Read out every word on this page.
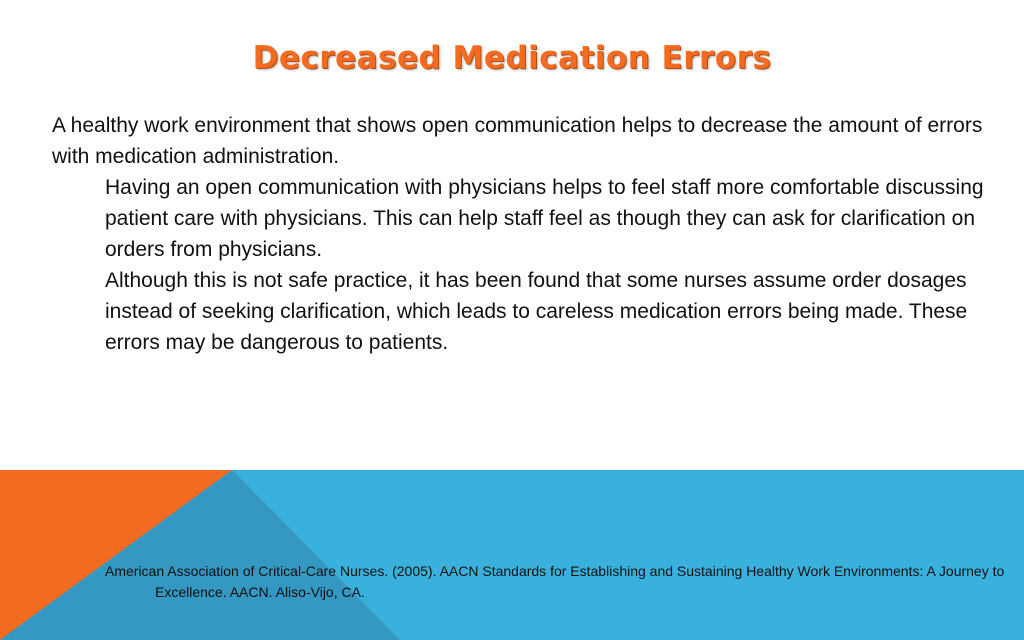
Decreased Medication Errors

A healthy work environment that shows open communication helps to decrease the amount of errors with medication administration.

Having an open communication with physicians helps to feel staff more comfortable discussing patient care with physicians. This can help staff feel as though they can ask for clarification on orders from physicians.

Although this is not safe practice, it has been found that some nurses assume order dosages instead of seeking clarification, which leads to careless medication errors being made. These errors may be dangerous to patients.

American Association of Critical-Care Nurses. (2005). AACN Standards for Establishing and Sustaining Healthy Work Environments: A Journey to Excellence. AACN. Aliso-Vijo, CA.
